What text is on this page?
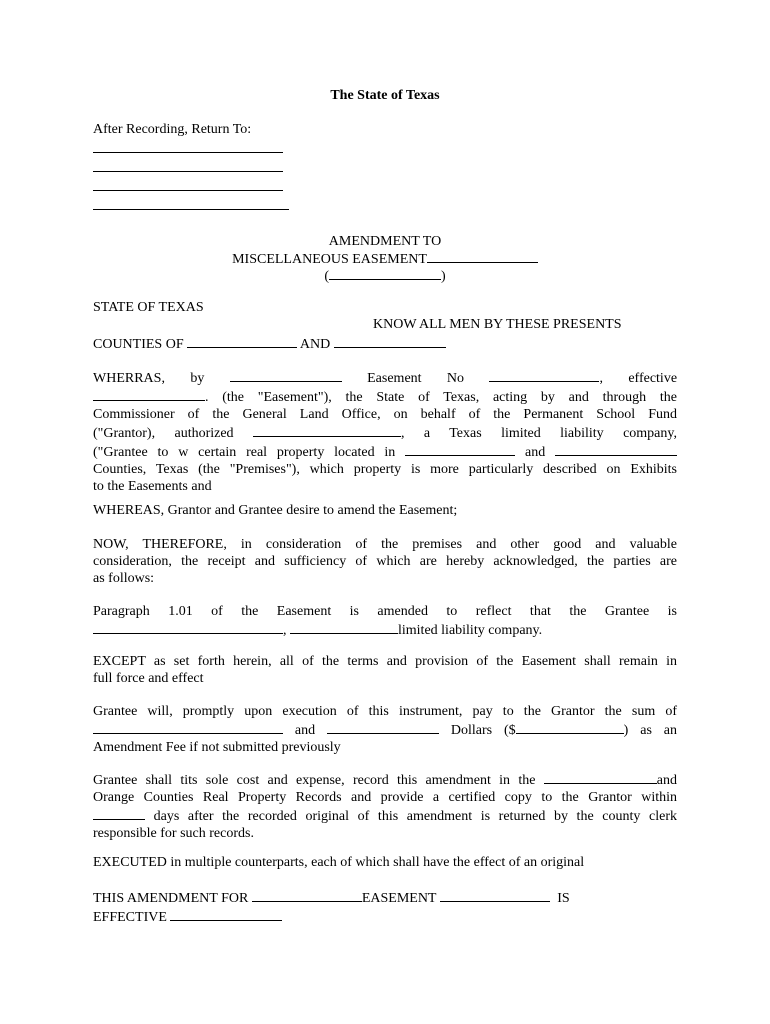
The State of Texas
After Recording, Return To:
AMENDMENT TO
MISCELLANEOUS EASEMENT
(	)
STATE OF TEXAS
KNOW ALL MEN BY THESE PRESENTS
COUNTIES OF	AND
WHERRAS, by	Easement No	, effective
. (the "Easement"), the State of Texas, acting by and through the
Commissioner of the General Land Office, on behalf of the Permanent School Fund
("Grantor), authorized	, a Texas limited liability company,
("Grantee to w certain real property located in	and
Counties, Texas (the "Premises"), which property is more particularly described on Exhibits
to the Easements and
WHEREAS, Grantor and Grantee desire to amend the Easement;
NOW, THEREFORE, in consideration of the premises and other good and valuable
consideration, the receipt and sufficiency of which are hereby acknowledged, the parties are
as follows:
Paragraph 1.01 of the Easement is amended to reflect that the Grantee is
,	limited liability company.
EXCEPT as set forth herein, all of the terms and provision of the Easement shall remain in
full force and effect
Grantee will, promptly upon execution of this instrument, pay to the Grantor the sum of
and	Dollars ($	) as an
Amendment Fee if not submitted previously
Grantee shall tits sole cost and expense, record this amendment in the	and
Orange Counties Real Property Records and provide a certified copy to the Grantor within
days after the recorded original of this amendment is returned by the county clerk
responsible for such records.
EXECUTED in multiple counterparts, each of which shall have the effect of an original
THIS AMENDMENT FOR	EASEMENT	IS
EFFECTIVE
